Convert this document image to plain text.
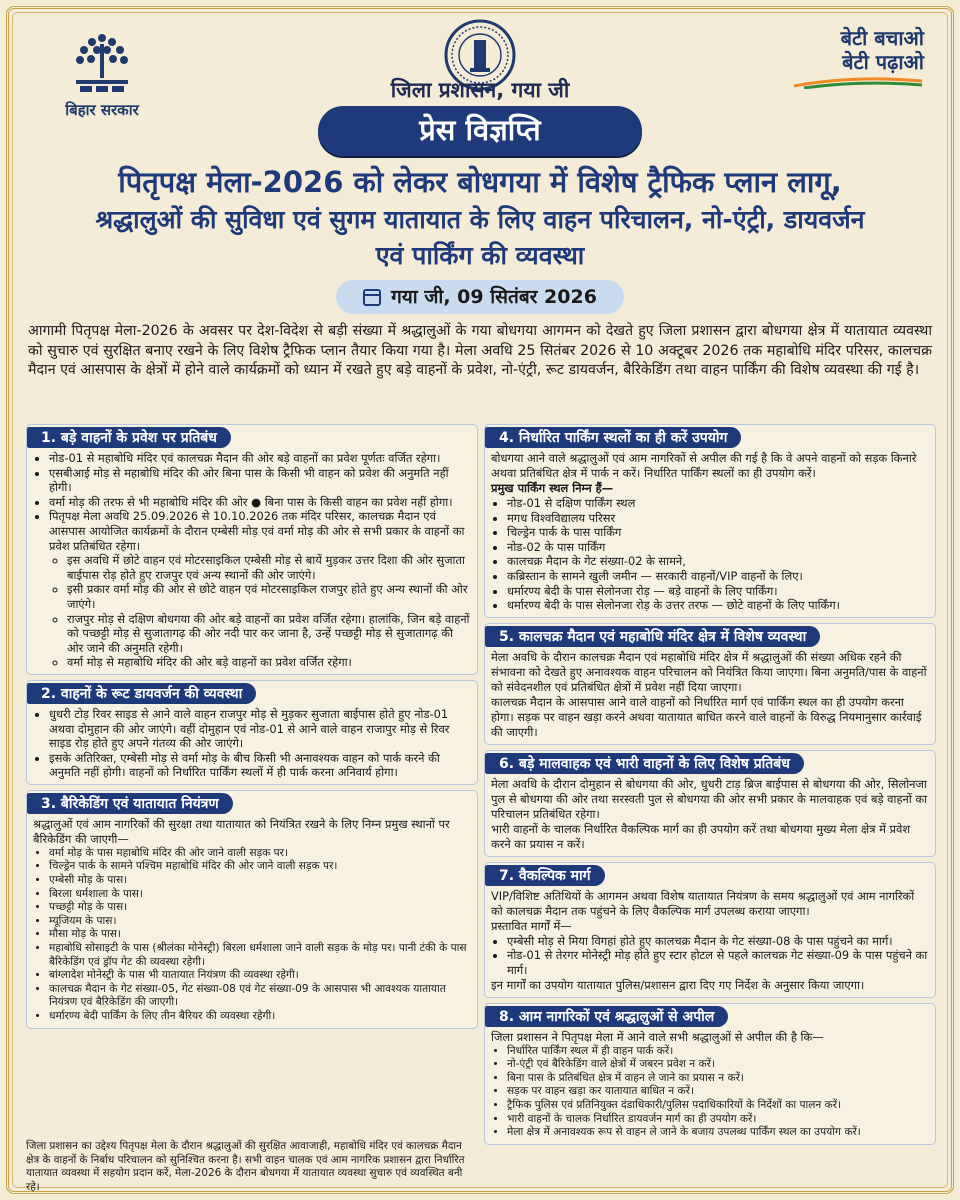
बिहार सरकार
बेटी बचाओ
बेटी पढ़ाओ
जिला प्रशासन, गया जी
प्रेस विज्ञप्ति
पितृपक्ष मेला-2026 को लेकर बोधगया में विशेष ट्रैफिक प्लान लागू,
श्रद्धालुओं की सुविधा एवं सुगम यातायात के लिए वाहन परिचालन, नो-एंट्री, डायवर्जन
एवं पार्किंग की व्यवस्था
गया जी, 09 सितंबर 2026
आगामी पितृपक्ष मेला-2026 के अवसर पर देश-विदेश से बड़ी संख्या में श्रद्धालुओं के गया बोधगया आगमन को देखते हुए जिला प्रशासन द्वारा बोधगया क्षेत्र में यातायात व्यवस्था को सुचारु एवं सुरक्षित बनाए रखने के लिए विशेष ट्रैफिक प्लान तैयार किया गया है। मेला अवधि 25 सितंबर 2026 से 10 अक्टूबर 2026 तक महाबोधि मंदिर परिसर, कालचक्र मैदान एवं आसपास के क्षेत्रों में होने वाले कार्यक्रमों को ध्यान में रखते हुए बड़े वाहनों के प्रवेश, नो-एंट्री, रूट डायवर्जन, बैरिकेडिंग तथा वाहन पार्किंग की विशेष व्यवस्था की गई है।
1. बड़े वाहनों के प्रवेश पर प्रतिबंध
• नोड-01 से महाबोधि मंदिर एवं कालचक्र मैदान की ओर बड़े वाहनों का प्रवेश पूर्णतः वर्जित रहेगा।
• एसबीआई मोड़ से महाबोधि मंदिर की ओर बिना पास के किसी भी वाहन को प्रवेश की अनुमति नहीं होगी।
• वर्मा मोड़ की तरफ से भी महाबोधि मंदिर की ओर ● बिना पास के किसी वाहन का प्रवेश नहीं होगा।
• पितृपक्ष मेला अवधि 25.09.2026 से 10.10.2026 तक मंदिर परिसर, कालचक्र मैदान एवं आसपास आयोजित कार्यक्रमों के दौरान एम्बेसी मोड़ एवं वर्मा मोड़ की ओर से सभी प्रकार के वाहनों का प्रवेश प्रतिबंधित रहेगा।
◦ इस अवधि में छोटे वाहन एवं मोटरसाइकिल एम्बेसी मोड़ से बायें मुड़कर उत्तर दिशा की ओर सुजाता बाईपास रोड़ होते हुए राजपुर एवं अन्य स्थानों की ओर जाएंगे।
◦ इसी प्रकार वर्मा मोड़ की ओर से छोटे वाहन एवं मोटरसाइकिल राजपुर होते हुए अन्य स्थानों की ओर जाएंगे।
◦ राजपुर मोड़ से दक्षिण बोधगया की ओर बड़े वाहनों का प्रवेश वर्जित रहेगा। हालांकि, जिन बड़े वाहनों को पच्छट्टी मोड़ से सुजातागढ़ की ओर नदी पार कर जाना है, उन्हें पच्छट्टी मोड़ से सुजातागढ़ की ओर जाने की अनुमति रहेगी।
◦ वर्मा मोड़ से महाबोधि मंदिर की ओर बड़े वाहनों का प्रवेश वर्जित रहेगा।
2. वाहनों के रूट डायवर्जन की व्यवस्था
• धुधरी टोड़ रिवर साइड से आने वाले वाहन राजपुर मोड़ से मुड़कर सुजाता बाईपास होते हुए नोड-01 अथवा दोमुहान की ओर जाएंगे। वहीं दोमुहान एवं नोड-01 से आने वाले वाहन राजापुर मोड़ से रिवर साइड रोड़ होते हुए अपने गंतव्य की ओर जाएंगे।
• इसके अतिरिक्त, एम्बेसी मोड़ से वर्मा मोड़ के बीच किसी भी अनावश्यक वाहन को पार्क करने की अनुमति नहीं होगी। वाहनों को निर्धारित पार्किंग स्थलों में ही पार्क करना अनिवार्य होगा।
3. बैरिकेडिंग एवं यातायात नियंत्रण

श्रद्धालुओं एवं आम नागरिकों की सुरक्षा तथा यातायात को नियंत्रित रखने के लिए निम्न प्रमुख स्थानों पर बैरिकेडिंग की जाएगी—

• वर्मा मोड़ के पास महाबोधि मंदिर की ओर जाने वाली सड़क पर।
• चिल्ड्रेन पार्क के सामने पश्चिम महाबोधि मंदिर की ओर जाने वाली सड़क पर।
• एम्बेसी मोड़ के पास।
• बिरला धर्मशाला के पास।
• पच्छट्टी मोड़ के पास।
• म्यूजियम के पास।
• मौसा मोड़ के पास।
• महाबोधि सोसाइटी के पास (श्रीलंका मोनेस्ट्री) बिरला धर्मशाला जाने वाली सड़क के मोड़ पर। पानी टंकी के पास बैरिकेडिंग एवं ड्रॉप गेट की व्यवस्था रहेगी।
• बांग्लादेश मोनेस्ट्री के पास भी यातायात नियंत्रण की व्यवस्था रहेगी।
• कालचक्र मैदान के गेट संख्या-05, गेट संख्या-08 एवं गेट संख्या-09 के आसपास भी आवश्यक यातायात नियंत्रण एवं बैरिकेडिंग की जाएगी।
• धर्मारण्य बेदी पार्किंग के लिए तीन बैरियर की व्यवस्था रहेगी।
4. निर्धारित पार्किंग स्थलों का ही करें उपयोग

बोधगया आने वाले श्रद्धालुओं एवं आम नागरिकों से अपील की गई है कि वे अपने वाहनों को सड़क किनारे अथवा प्रतिबंधित क्षेत्र में पार्क न करें। निर्धारित पार्किंग स्थलों का ही उपयोग करें।

प्रमुख पार्किंग स्थल निम्न हैं—
• नोड-01 से दक्षिण पार्किंग स्थल
• मगध विश्वविद्यालय परिसर
• चिल्ड्रेन पार्क के पास पार्किंग
• नोड-02 के पास पार्किंग
• कालचक्र मैदान के गेट संख्या-02 के सामने,
• कब्रिस्तान के सामने खुली जमीन — सरकारी वाहनों/VIP वाहनों के लिए।
• धर्मारण्य बेदी के पास सेलोनजा रोड़ — बड़े वाहनों के लिए पार्किंग।
• धर्मारण्य बेदी के पास सेलोनजा रोड़ के उत्तर तरफ — छोटे वाहनों के लिए पार्किंग।
5. कालचक्र मैदान एवं महाबोधि मंदिर क्षेत्र में विशेष व्यवस्था

मेला अवधि के दौरान कालचक्र मैदान एवं महाबोधि मंदिर क्षेत्र में श्रद्धालुओं की संख्या अधिक रहने की संभावना को देखते हुए अनावश्यक वाहन परिचालन को नियंत्रित किया जाएगा। बिना अनुमति/पास के वाहनों को संवेदनशील एवं प्रतिबंधित क्षेत्रों में प्रवेश नहीं दिया जाएगा।

कालचक्र मैदान के आसपास आने वाले वाहनों को निर्धारित मार्ग एवं पार्किंग स्थल का ही उपयोग करना होगा। सड़क पर वाहन खड़ा करने अथवा यातायात बाधित करने वाले वाहनों के विरुद्ध नियमानुसार कार्रवाई की जाएगी।

6. बड़े मालवाहक एवं भारी वाहनों के लिए विशेष प्रतिबंध

मेला अवधि के दौरान दोमुहान से बोधगया की ओर, धुधरी टाड़ ब्रिज बाईपास से बोधगया की ओर, सिलोनजा पुल से बोधगया की ओर तथा सरस्वती पुल से बोधगया की ओर सभी प्रकार के मालवाहक एवं बड़े वाहनों का परिचालन प्रतिबंधित रहेगा।

भारी वाहनों के चालक निर्धारित वैकल्पिक मार्ग का ही उपयोग करें तथा बोधगया मुख्य मेला क्षेत्र में प्रवेश करने का प्रयास न करें।

7. वैकल्पिक मार्ग

VIP/विशिष्ट अतिथियों के आगमन अथवा विशेष यातायात नियंत्रण के समय श्रद्धालुओं एवं आम नागरिकों को कालचक्र मैदान तक पहुंचने के लिए वैकल्पिक मार्ग उपलब्ध कराया जाएगा।

प्रस्तावित मार्गों में—

• एम्बेसी मोड़ से मिया विगहां होते हुए कालचक्र मैदान के गेट संख्या-08 के पास पहुंचने का मार्ग।
• नोड-01 से तेरगर मोनेस्ट्री मोड़ होते हुए स्टार होटल से पहले कालचक्र गेट संख्या-09 के पास पहुंचने का मार्ग।

इन मार्गों का उपयोग यातायात पुलिस/प्रशासन द्वारा दिए गए निर्देश के अनुसार किया जाएगा।

8. आम नागरिकों एवं श्रद्धालुओं से अपील

जिला प्रशासन ने पितृपक्ष मेला में आने वाले सभी श्रद्धालुओं से अपील की है कि—

• निर्धारित पार्किंग स्थल में ही वाहन पार्क करें।
• नो-एंट्री एवं बैरिकेडिंग वाले क्षेत्रों में जबरन प्रवेश न करें।
• बिना पास के प्रतिबंधित क्षेत्र में वाहन ले जाने का प्रयास न करें।
• सड़क पर वाहन खड़ा कर यातायात बाधित न करें।
• ट्रैफिक पुलिस एवं प्रतिनियुक्त दंडाधिकारी/पुलिस पदाधिकारियों के निर्देशों का पालन करें।
• भारी वाहनों के चालक निर्धारित डायवर्जन मार्ग का ही उपयोग करें।
• मेला क्षेत्र में अनावश्यक रूप से वाहन ले जाने के बजाय उपलब्ध पार्किंग स्थल का उपयोग करें।
जिला प्रशासन का उद्देश्य पितृपक्ष मेला के दौरान श्रद्धालुओं की सुरक्षित आवाजाही, महाबोधि मंदिर एवं कालचक्र मैदान क्षेत्र के वाहनों के निर्बाध परिचालन को सुनिश्चित करना है। सभी वाहन चालक एवं आम नागरिक प्रशासन द्वारा निर्धारित यातायात व्यवस्था में सहयोग प्रदान करें, मेला-2026 के दौरान बोधगया में यातायात व्यवस्था सुचारु एवं व्यवस्थित बनी रहे।
